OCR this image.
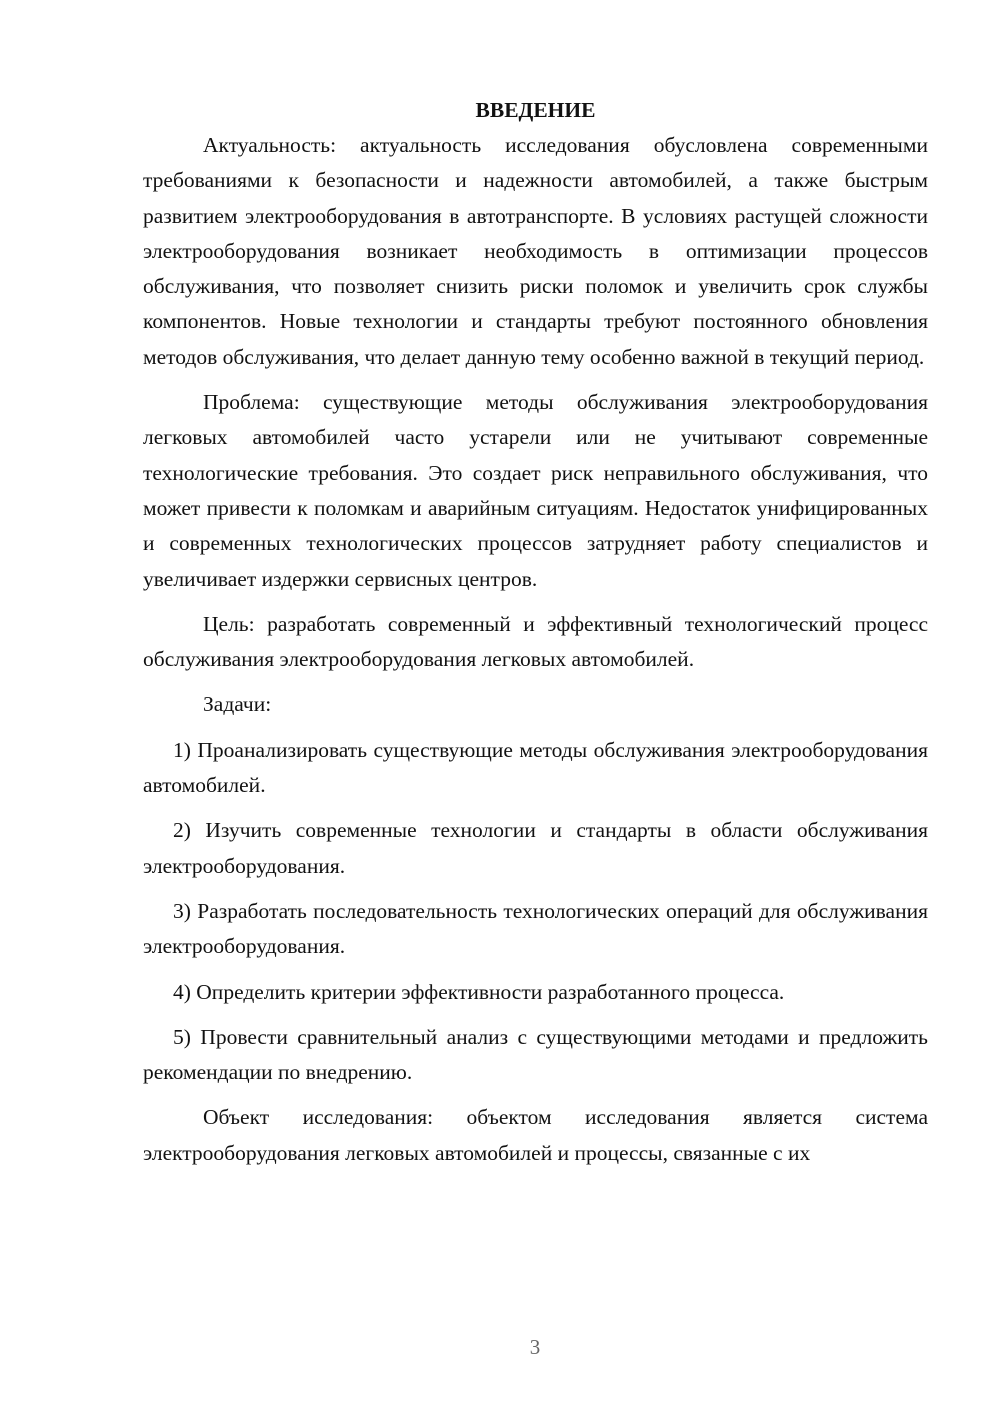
ВВЕДЕНИЕ

Актуальность: актуальность исследования обусловлена современными требованиями к безопасности и надежности автомобилей, а также быстрым развитием электрооборудования в автотранспорте. В условиях растущей сложности электрооборудования возникает необходимость в оптимизации процессов обслуживания, что позволяет снизить риски поломок и увеличить срок службы компонентов. Новые технологии и стандарты требуют постоянного обновления методов обслуживания, что делает данную тему особенно важной в текущий период.

Проблема: существующие методы обслуживания электрооборудования легковых автомобилей часто устарели или не учитывают современные технологические требования. Это создает риск неправильного обслуживания, что может привести к поломкам и аварийным ситуациям. Недостаток унифицированных и современных технологических процессов затрудняет работу специалистов и увеличивает издержки сервисных центров.

Цель: разработать современный и эффективный технологический процесс обслуживания электрооборудования легковых автомобилей.

Задачи:

1) Проанализировать существующие методы обслуживания электрооборудования автомобилей.

2) Изучить современные технологии и стандарты в области обслуживания электрооборудования.

3) Разработать последовательность технологических операций для обслуживания электрооборудования.

4) Определить критерии эффективности разработанного процесса.

5) Провести сравнительный анализ с существующими методами и предложить рекомендации по внедрению.

Объект исследования: объектом исследования является система электрооборудования легковых автомобилей и процессы, связанные с их

3
